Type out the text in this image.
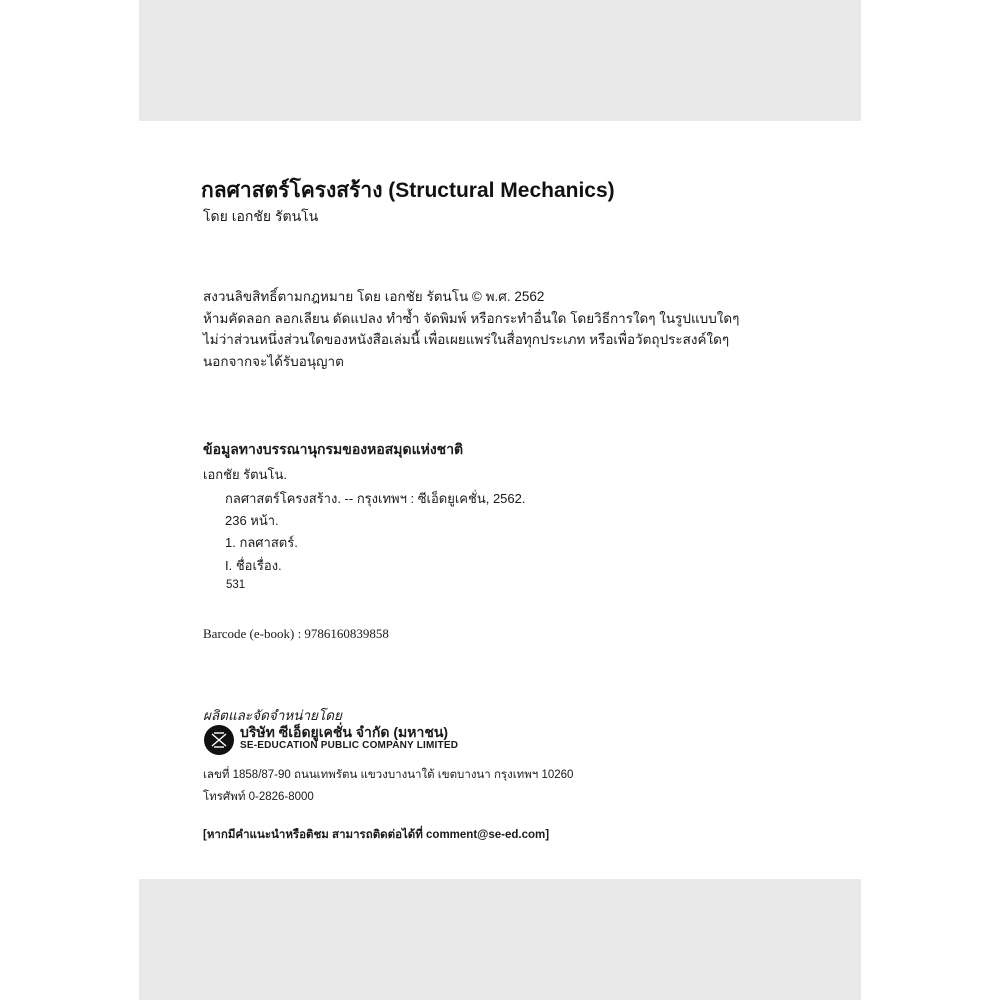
กลศาสตร์โครงสร้าง (Structural Mechanics)
โดย เอกชัย รัตนโน
สงวนลิขสิทธิ์ตามกฎหมาย โดย เอกชัย รัตนโน © พ.ศ. 2562
ห้ามคัดลอก ลอกเลียน ดัดแปลง ทำซ้ำ จัดพิมพ์ หรือกระทำอื่นใด โดยวิธีการใดๆ ในรูปแบบใดๆ
ไม่ว่าส่วนหนึ่งส่วนใดของหนังสือเล่มนี้ เพื่อเผยแพร่ในสื่อทุกประเภท หรือเพื่อวัตถุประสงค์ใดๆ
นอกจากจะได้รับอนุญาต
ข้อมูลทางบรรณานุกรมของหอสมุดแห่งชาติ
เอกชัย รัตนโน.
กลศาสตร์โครงสร้าง. -- กรุงเทพฯ : ซีเอ็ดยูเคชั่น, 2562.
236 หน้า.
1. กลศาสตร์.
I. ชื่อเรื่อง.
531
Barcode (e-book) : 9786160839858
ผลิตและจัดจำหน่ายโดย
บริษัท ซีเอ็ดยูเคชั่น จำกัด (มหาชน)
SE-EDUCATION PUBLIC COMPANY LIMITED
เลขที่ 1858/87-90 ถนนเทพรัตน แขวงบางนาใต้ เขตบางนา กรุงเทพฯ 10260
โทรศัพท์ 0-2826-8000
[หากมีคำแนะนำหรือติชม สามารถติดต่อได้ที่ comment@se-ed.com]
